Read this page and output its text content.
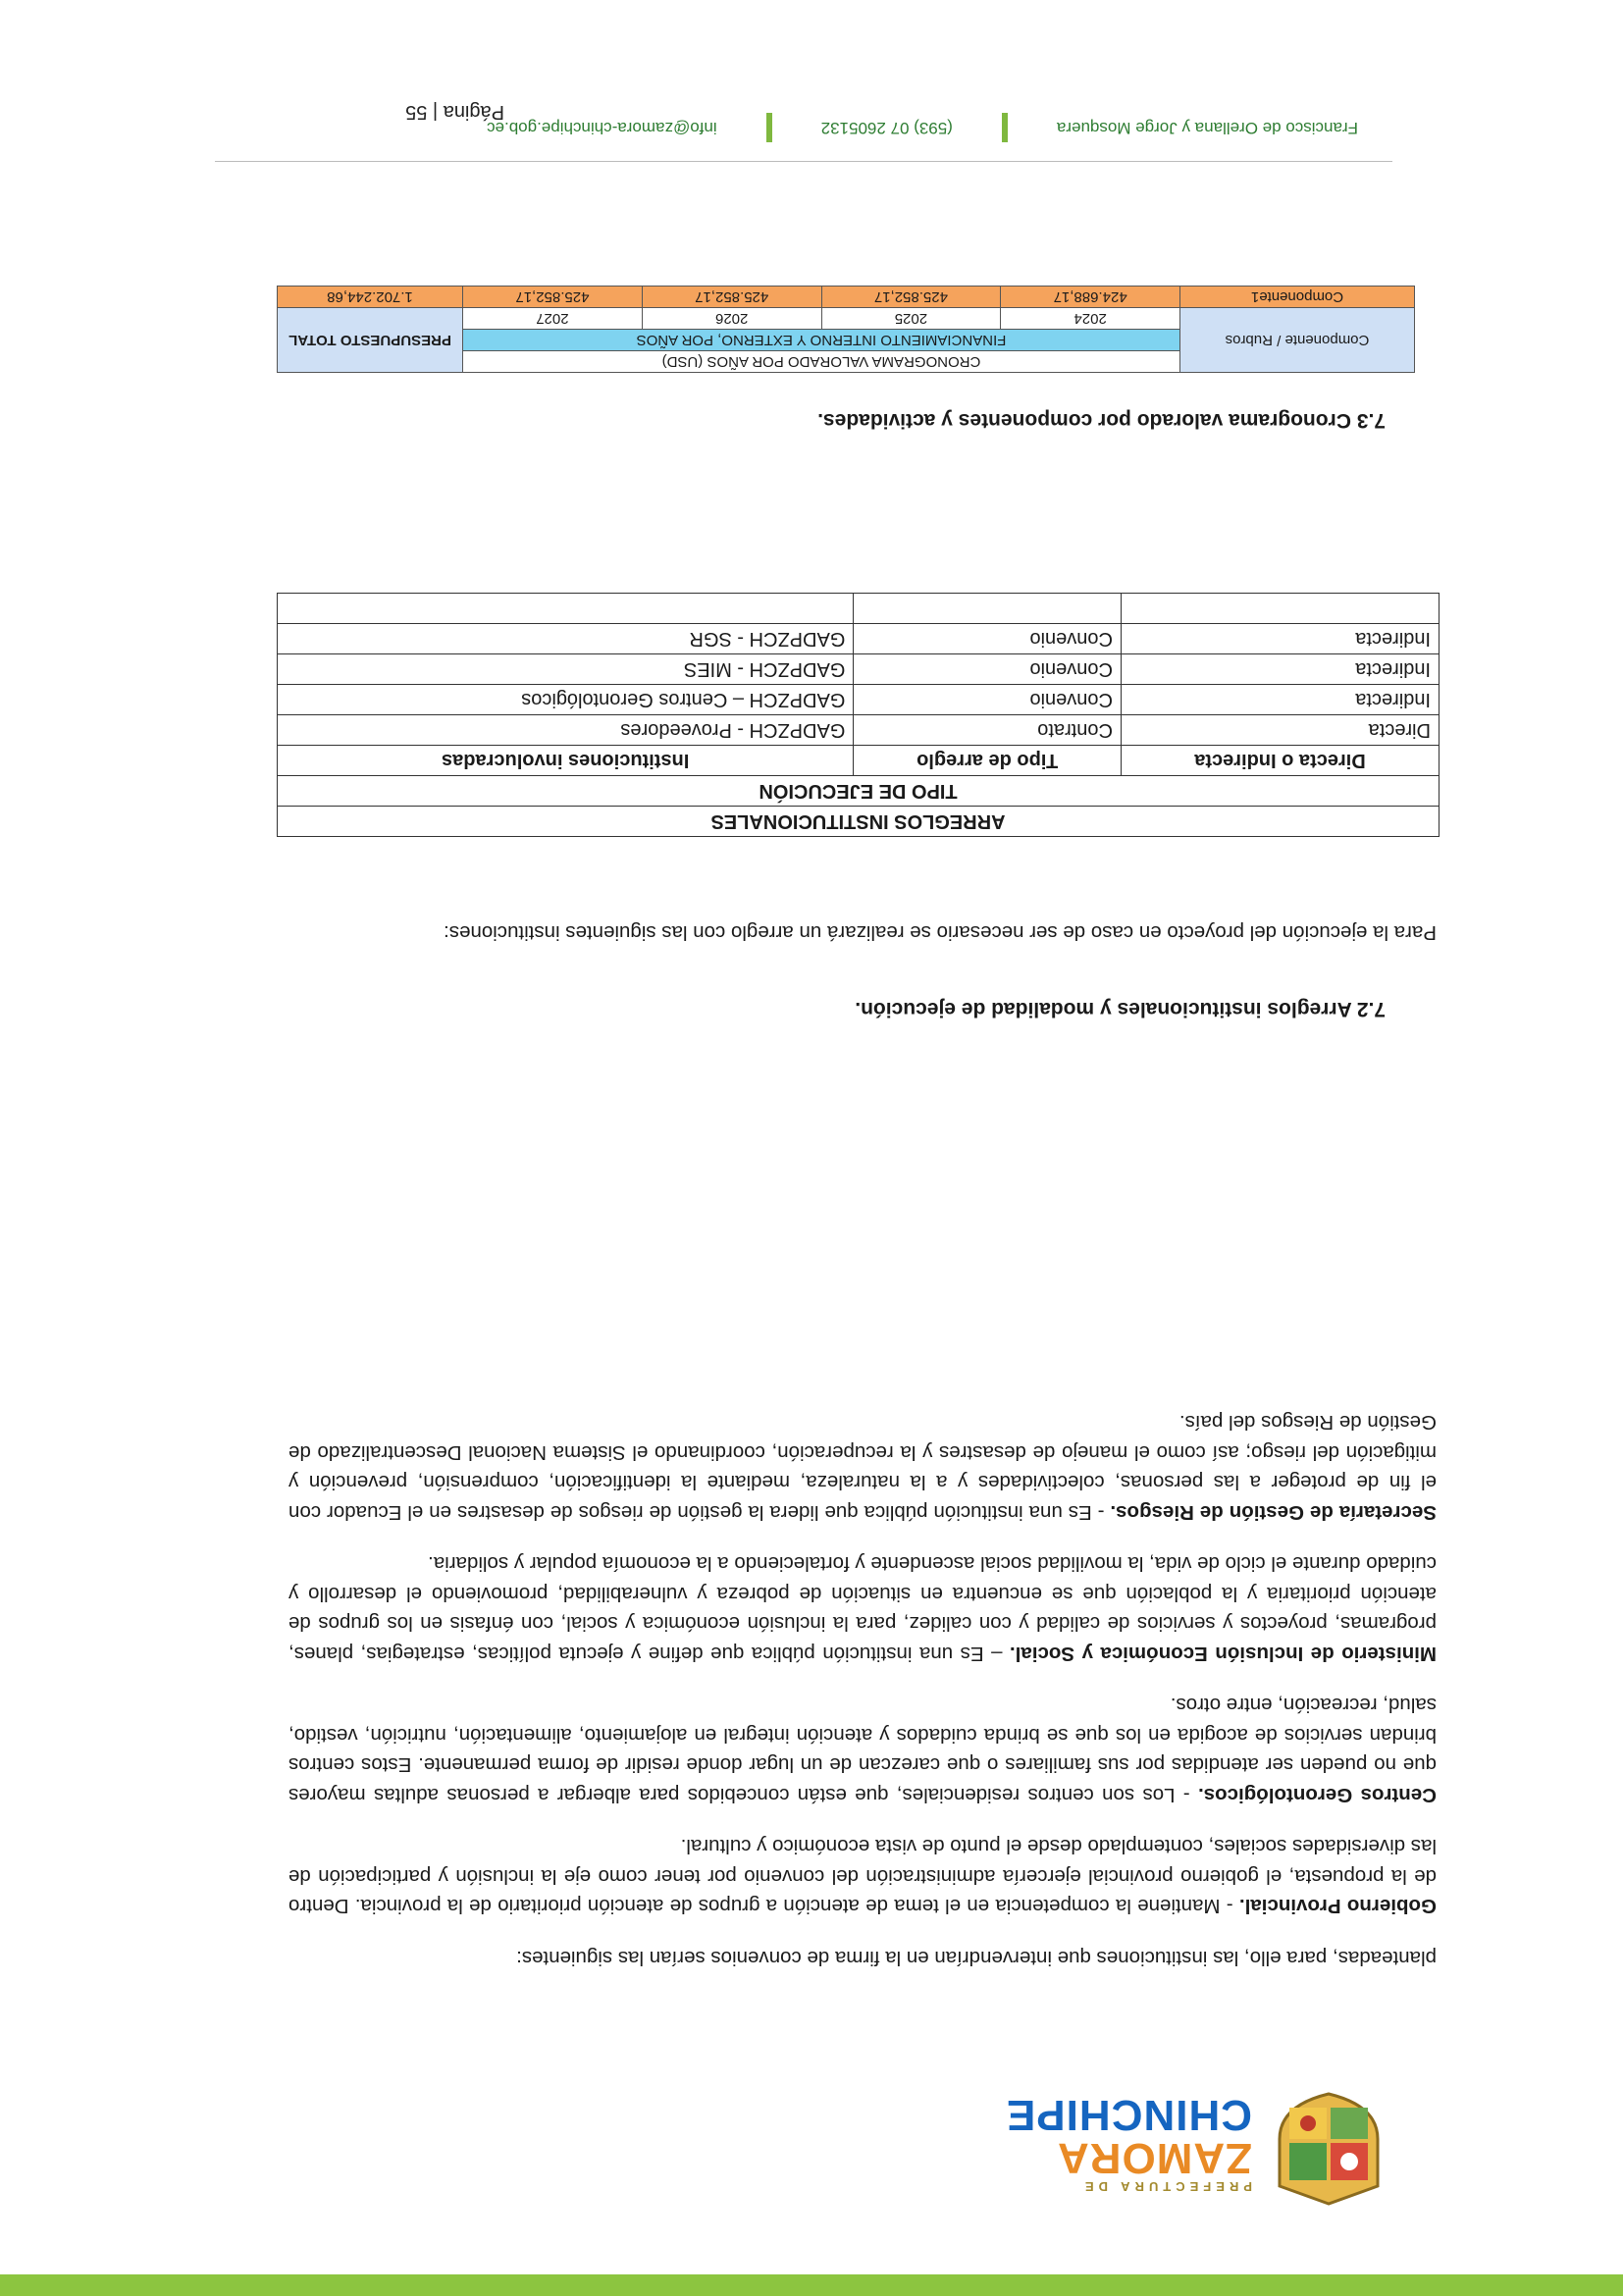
PREFECTURA DE
ZAMORA
CHINCHIPE

planteadas, para ello, las instituciones que intervendrían en la firma de convenios serían las siguientes:

Gobierno Provincial. - Mantiene la competencia en el tema de atención a grupos de atención prioritario de la provincia. Dentro de la propuesta, el gobierno provincial ejercería administración del convenio por tener como eje la inclusión y participación de las diversidades sociales, contemplado desde el punto de vista económico y cultural.

Centros Gerontológicos. - Los son centros residenciales, que están concebidos para albergar a personas adultas mayores que no pueden ser atendidas por sus familiares o que carezcan de un lugar donde residir de forma permanente. Estos centros brindan servicios de acogida en los que se brinda cuidados y atención integral en alojamiento, alimentación, nutrición, vestido, salud, recreación, entre otros.

Ministerio de Inclusión Económica y Social. – Es una institución pública que define y ejecuta políticas, estrategias, planes, programas, proyectos y servicios de calidad y con calidez, para la inclusión económica y social, con énfasis en los grupos de atención prioritaria y la población que se encuentra en situación de pobreza y vulnerabilidad, promoviendo el desarrollo y cuidado durante el ciclo de vida, la movilidad social ascendente y fortaleciendo a la economía popular y solidaria.

Secretaría de Gestión de Riesgos. - Es una institución pública que lidera la gestión de riesgos de desastres en el Ecuador con el fin de proteger a las personas, colectividades y a la naturaleza, mediante la identificación, comprensión, prevención y mitigación del riesgo; así como el manejo de desastres y la recuperación, coordinando el Sistema Nacional Descentralizado de Gestión de Riesgos del país.

7.2 Arreglos institucionales y modalidad de ejecución.

Para la ejecución del proyecto en caso de ser necesario se realizará un arreglo con las siguientes instituciones:

ARREGLOS INSTITUCIONALES		
TIPO DE EJECUCIÓN		
Directa o Indirecta	Tipo de arreglo	Instituciones involucradas
Directa	Contrato	GADPZCH - Proveedores
Indirecta	Convenio	GADPZCH – Centros Gerontológicos
Indirecta	Convenio	GADPZCH - MIES
Indirecta	Convenio	GADPZCH - SGR

7.3 Cronograma valorado por componentes y actividades.
Componente / Rubros	CRONOGRAMA VALORADO POR AÑOS (USD)				PRESUPUESTO TOTAL
	FINANCIAMIENTO INTERNO Y EXTERNO, POR AÑOS				
	2024	2025	2026	2027	
Componente1	424.688,17	425.852,17	425.852,17	425.852,17	1.702.244,68
Francisco de Orellana y Jorge Mosquera
(593) 07 2605132
info@zamora-chinchipe.gob.ec
Página | 55
